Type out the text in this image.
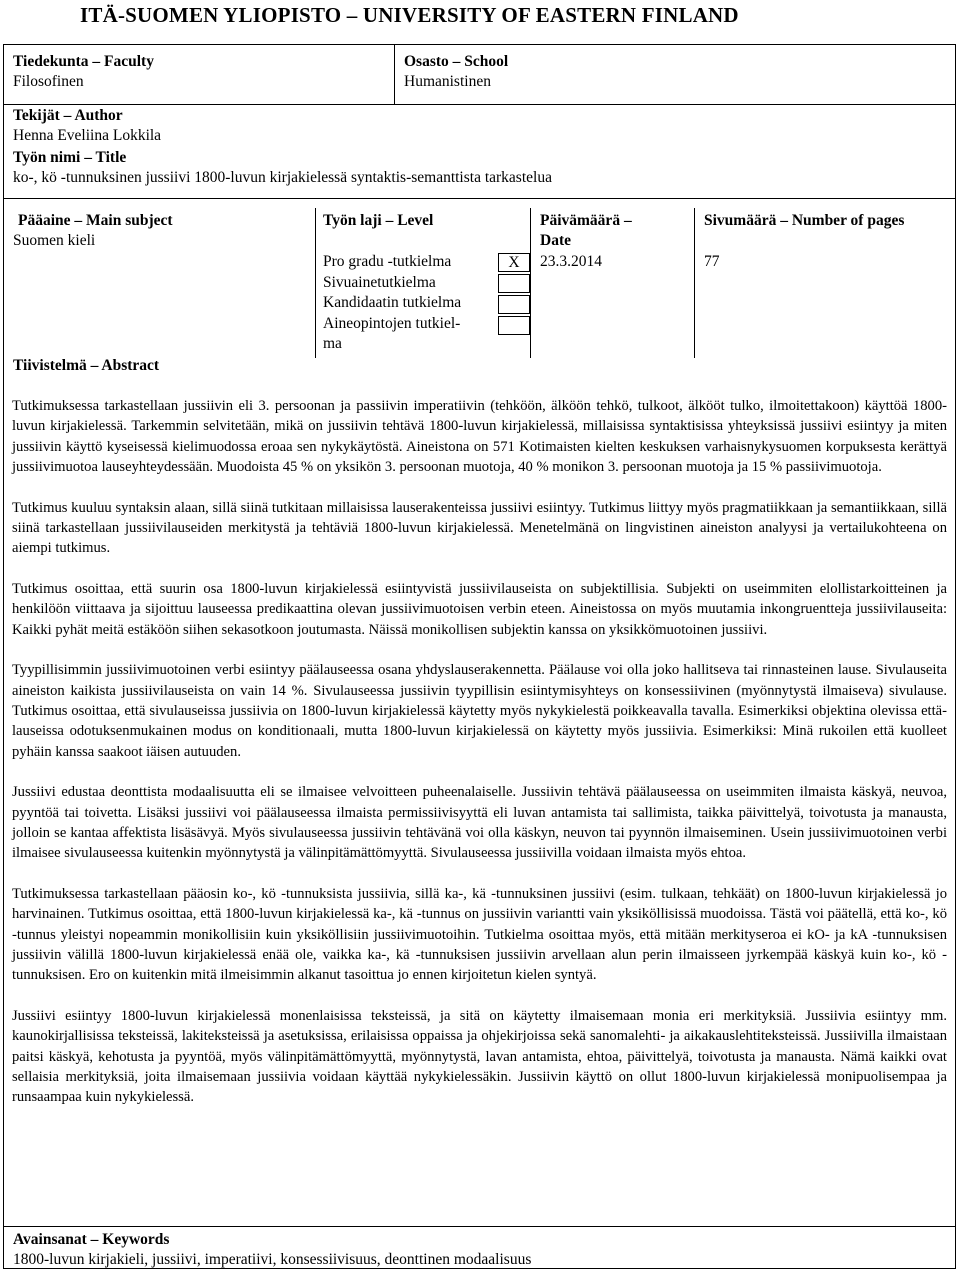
ITÄ-SUOMEN YLIOPISTO – UNIVERSITY OF EASTERN FINLAND
Tiedekunta – Faculty
Filosofinen
Osasto – School
Humanistinen
Tekijät – Author
Henna Eveliina Lokkila
Työn nimi – Title
ko-, kö -tunnuksinen jussiivi 1800-luvun kirjakielessä syntaktis-semanttista tarkastelua
Pääaine – Main subject
Suomen kieli
Työn laji – Level
Pro gradu -tutkielma
Sivuainetutkielma
Kandidaatin tutkielma
Aineopintojen tutkiel-
ma
X
Päivämäärä –
Date
23.3.2014
Sivumäärä – Number of pages
77
Tiivistelmä – Abstract

Tutkimuksessa tarkastellaan jussiivin eli 3. persoonan ja passiivin imperatiivin (tehköön, älköön tehkö, tulkoot, älkööt tulko, ilmoitettakoon) käyttöä 1800-luvun kirjakielessä. Tarkemmin selvitetään, mikä on jussiivin tehtävä 1800-luvun kirjakielessä, millaisissa syntaktisissa yhteyksissä jussiivi esiintyy ja miten jussiivin käyttö kyseisessä kielimuodossa eroaa sen nykykäytöstä. Aineistona on 571 Kotimaisten kielten keskuksen varhaisnykysuomen korpuksesta kerättyä jussiivimuotoa lauseyhteydessään. Muodoista 45 % on yksikön 3. persoonan muotoja, 40 % monikon 3. persoonan muotoja ja 15 % passiivimuotoja.

Tutkimus kuuluu syntaksin alaan, sillä siinä tutkitaan millaisissa lauserakenteissa jussiivi esiintyy. Tutkimus liittyy myös pragmatiikkaan ja semantiikkaan, sillä siinä tarkastellaan jussiivilauseiden merkitystä ja tehtäviä 1800-luvun kirjakielessä. Menetelmänä on lingvistinen aineiston analyysi ja vertailukohteena on aiempi tutkimus.

Tutkimus osoittaa, että suurin osa 1800-luvun kirjakielessä esiintyvistä jussiivilauseista on subjektillisia. Subjekti on useimmiten elollistarkoitteinen ja henkilöön viittaava ja sijoittuu lauseessa predikaattina olevan jussiivimuotoisen verbin eteen. Aineistossa on myös muutamia inkongruentteja jussiivilauseita: Kaikki pyhät meitä estäköön siihen sekasotkoon joutumasta. Näissä monikollisen subjektin kanssa on yksikkömuotoinen jussiivi.

Tyypillisimmin jussiivimuotoinen verbi esiintyy päälauseessa osana yhdyslauserakennetta. Päälause voi olla joko hallitseva tai rinnasteinen lause. Sivulauseita aineiston kaikista jussiivilauseista on vain 14 %. Sivulauseessa jussiivin tyypillisin esiintymisyhteys on konsessiivinen (myönnytystä ilmaiseva) sivulause. Tutkimus osoittaa, että sivulauseissa jussiivia on 1800-luvun kirjakielessä käytetty myös nykykielestä poikkeavalla tavalla. Esimerkiksi objektina olevissa että-lauseissa odotuksenmukainen modus on konditionaali, mutta 1800-luvun kirjakielessä on käytetty myös jussiivia. Esimerkiksi: Minä rukoilen että kuolleet pyhäin kanssa saakoot iäisen autuuden.

Jussiivi edustaa deonttista modaalisuutta eli se ilmaisee velvoitteen puheenalaiselle. Jussiivin tehtävä päälauseessa on useimmiten ilmaista käskyä, neuvoa, pyyntöä tai toivetta. Lisäksi jussiivi voi päälauseessa ilmaista permissiivisyyttä eli luvan antamista tai sallimista, taikka päivittelyä, toivotusta ja manausta, jolloin se kantaa affektista lisäsävyä. Myös sivulauseessa jussiivin tehtävänä voi olla käskyn, neuvon tai pyynnön ilmaiseminen. Usein jussiivimuotoinen verbi ilmaisee sivulauseessa kuitenkin myönnytystä ja välinpitämättömyyttä. Sivulauseessa jussiivilla voidaan ilmaista myös ehtoa.

Tutkimuksessa tarkastellaan pääosin ko-, kö -tunnuksista jussiivia, sillä ka-, kä -tunnuksinen jussiivi (esim. tulkaan, tehkäät) on 1800-luvun kirjakielessä jo harvinainen. Tutkimus osoittaa, että 1800-luvun kirjakielessä ka-, kä -tunnus on jussiivin variantti vain yksiköllisissä muodoissa. Tästä voi päätellä, että ko-, kö -tunnus yleistyi nopeammin monikollisiin kuin yksiköllisiin jussiivimuotoihin. Tutkielma osoittaa myös, että mitään merkityseroa ei kO- ja kA -tunnuksisen jussiivin välillä 1800-luvun kirjakielessä enää ole, vaikka ka-, kä -tunnuksisen jussiivin arvellaan alun perin ilmaisseen jyrkempää käskyä kuin ko-, kö -tunnuksisen. Ero on kuitenkin mitä ilmeisimmin alkanut tasoittua jo ennen kirjoitetun kielen syntyä.

Jussiivi esiintyy 1800-luvun kirjakielessä monenlaisissa teksteissä, ja sitä on käytetty ilmaisemaan monia eri merkityksiä. Jussiivia esiintyy mm. kaunokirjallisissa teksteissä, lakiteksteissä ja asetuksissa, erilaisissa oppaissa ja ohjekirjoissa sekä sanomalehti- ja aikakauslehtiteksteissä. Jussiivilla ilmaistaan paitsi käskyä, kehotusta ja pyyntöä, myös välinpitämättömyyttä, myönnytystä, lavan antamista, ehtoa, päivittelyä, toivotusta ja manausta. Nämä kaikki ovat sellaisia merkityksiä, joita ilmaisemaan jussiivia voidaan käyttää nykykielessäkin. Jussiivin käyttö on ollut 1800-luvun kirjakielessä monipuolisempaa ja runsaampaa kuin nykykielessä.

Avainsanat – Keywords
1800-luvun kirjakieli, jussiivi, imperatiivi, konsessiivisuus, deonttinen modaalisuus
